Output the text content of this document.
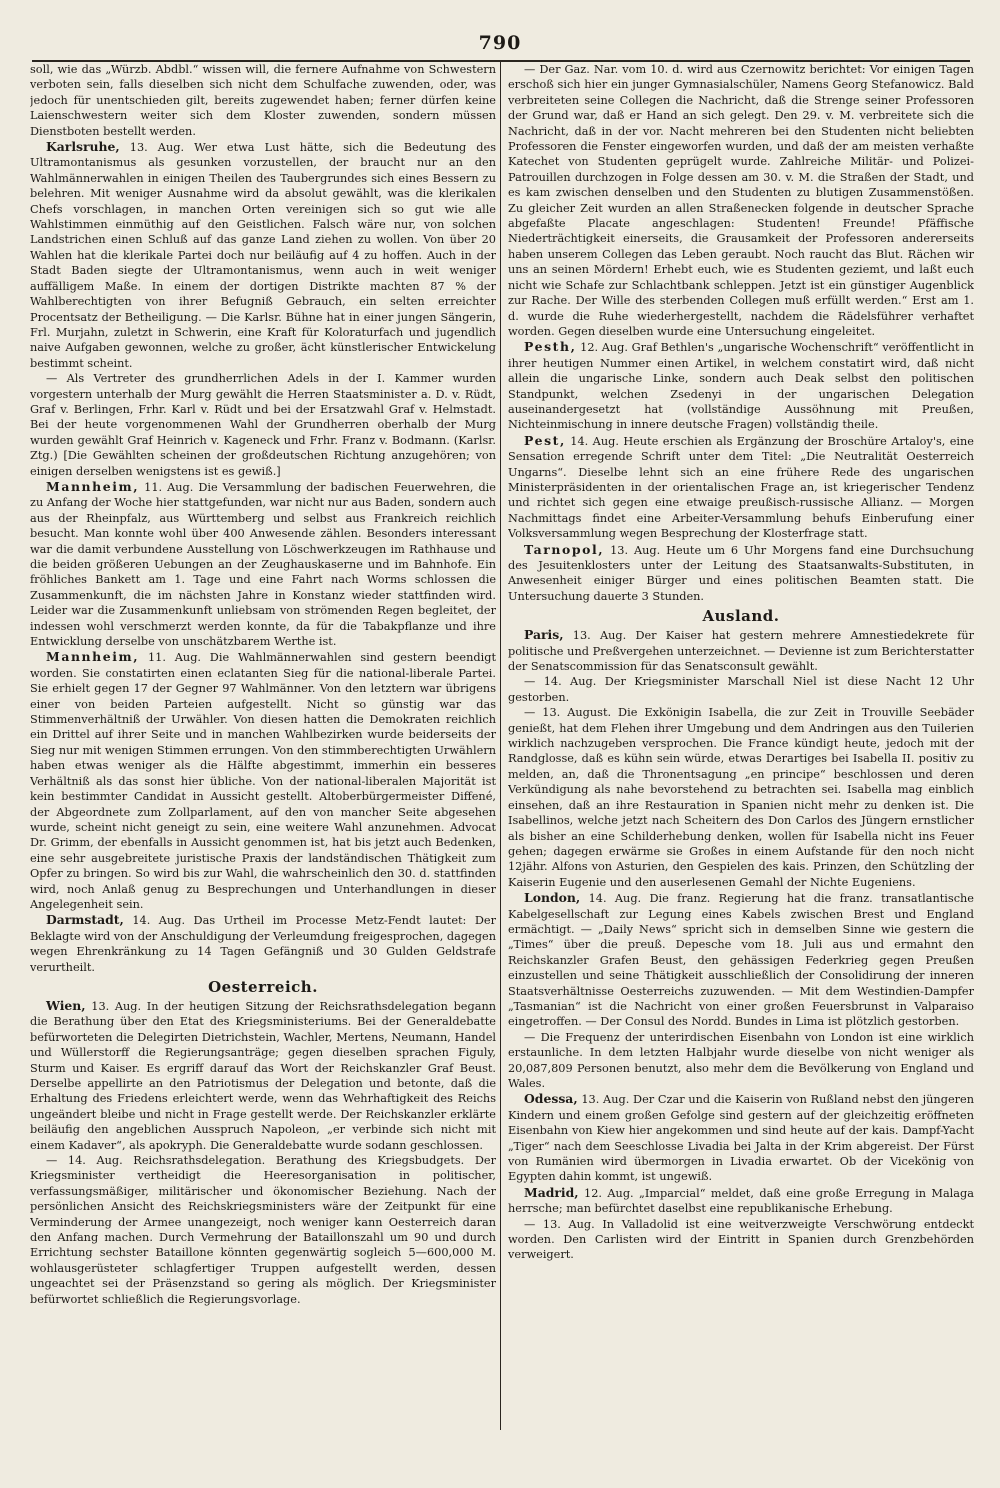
790

soll, wie das „Würzb. Abdbl.“ wissen will, die fernere Aufnahme von Schwestern verboten sein, falls dieselben sich nicht dem Schulfache zuwenden, oder, was jedoch für unentschieden gilt, bereits zugewendet haben; ferner dürfen keine Laienschwestern weiter sich dem Kloster zuwenden, sondern müssen Dienstboten bestellt werden.

Karlsruhe, 13. Aug. Wer etwa Lust hätte, sich die Bedeutung des Ultramontanismus als gesunken vorzustellen, der braucht nur an den Wahlmännerwahlen in einigen Theilen des Taubergrundes sich eines Bessern zu belehren. Mit weniger Ausnahme wird da absolut gewählt, was die klerikalen Chefs vorschlagen, in manchen Orten vereinigen sich so gut wie alle Wahlstimmen einmüthig auf den Geistlichen. Falsch wäre nur, von solchen Landstrichen einen Schluß auf das ganze Land ziehen zu wollen. Von über 20 Wahlen hat die klerikale Partei doch nur beiläufig auf 4 zu hoffen. Auch in der Stadt Baden siegte der Ultramontanismus, wenn auch in weit weniger auffälligem Maße. In einem der dortigen Distrikte machten 87 % der Wahlberechtigten von ihrer Befugniß Gebrauch, ein selten erreichter Procentsatz der Betheiligung. — Die Karlsr. Bühne hat in einer jungen Sängerin, Frl. Murjahn, zuletzt in Schwerin, eine Kraft für Koloraturfach und jugendlich naive Aufgaben gewonnen, welche zu großer, ächt künstlerischer Entwickelung bestimmt scheint.

— Als Vertreter des grundherrlichen Adels in der I. Kammer wurden vorgestern unterhalb der Murg gewählt die Herren Staatsminister a. D. v. Rüdt, Graf v. Berlingen, Frhr. Karl v. Rüdt und bei der Ersatzwahl Graf v. Helmstadt. Bei der heute vorgenommenen Wahl der Grundherren oberhalb der Murg wurden gewählt Graf Heinrich v. Kageneck und Frhr. Franz v. Bodmann. (Karlsr. Ztg.) [Die Gewählten scheinen der großdeutschen Richtung anzugehören; von einigen derselben wenigstens ist es gewiß.]

Mannheim, 11. Aug. Die Versammlung der badischen Feuerwehren, die zu Anfang der Woche hier stattgefunden, war nicht nur aus Baden, sondern auch aus der Rheinpfalz, aus Württemberg und selbst aus Frankreich reichlich besucht. Man konnte wohl über 400 Anwesende zählen. Besonders interessant war die damit verbundene Ausstellung von Löschwerkzeugen im Rathhause und die beiden größeren Uebungen an der Zeughauskaserne und im Bahnhofe. Ein fröhliches Bankett am 1. Tage und eine Fahrt nach Worms schlossen die Zusammenkunft, die im nächsten Jahre in Konstanz wieder stattfinden wird. Leider war die Zusammenkunft unliebsam von strömenden Regen begleitet, der indessen wohl verschmerzt werden konnte, da für die Tabakpflanze und ihre Entwicklung derselbe von unschätzbarem Werthe ist.

Mannheim, 11. Aug. Die Wahlmännerwahlen sind gestern beendigt worden. Sie constatirten einen eclatanten Sieg für die national-liberale Partei. Sie erhielt gegen 17 der Gegner 97 Wahlmänner. Von den letztern war übrigens einer von beiden Parteien aufgestellt. Nicht so günstig war das Stimmenverhältniß der Urwähler. Von diesen hatten die Demokraten reichlich ein Drittel auf ihrer Seite und in manchen Wahlbezirken wurde beiderseits der Sieg nur mit wenigen Stimmen errungen. Von den stimmberechtigten Urwählern haben etwas weniger als die Hälfte abgestimmt, immerhin ein besseres Verhältniß als das sonst hier übliche. Von der national-liberalen Majorität ist kein bestimmter Candidat in Aussicht gestellt. Altoberbürgermeister Diffené, der Abgeordnete zum Zollparlament, auf den von mancher Seite abgesehen wurde, scheint nicht geneigt zu sein, eine weitere Wahl anzunehmen. Advocat Dr. Grimm, der ebenfalls in Aussicht genommen ist, hat bis jetzt auch Bedenken, eine sehr ausgebreitete juristische Praxis der landständischen Thätigkeit zum Opfer zu bringen. So wird bis zur Wahl, die wahrscheinlich den 30. d. stattfinden wird, noch Anlaß genug zu Besprechungen und Unterhandlungen in dieser Angelegenheit sein.

Darmstadt, 14. Aug. Das Urtheil im Processe Metz-Fendt lautet: Der Beklagte wird von der Anschuldigung der Verleumdung freigesprochen, dagegen wegen Ehrenkränkung zu 14 Tagen Gefängniß und 30 Gulden Geldstrafe verurtheilt.

Oesterreich.

Wien, 13. Aug. In der heutigen Sitzung der Reichsrathsdelegation begann die Berathung über den Etat des Kriegsministeriums. Bei der Generaldebatte befürworteten die Delegirten Dietrichstein, Wachler, Mertens, Neumann, Handel und Wüllerstorff die Regierungsanträge; gegen dieselben sprachen Figuly, Sturm und Kaiser. Es ergriff darauf das Wort der Reichskanzler Graf Beust. Derselbe appellirte an den Patriotismus der Delegation und betonte, daß die Erhaltung des Friedens erleichtert werde, wenn das Wehrhaftigkeit des Reichs ungeändert bleibe und nicht in Frage gestellt werde. Der Reichskanzler erklärte beiläufig den angeblichen Ausspruch Napoleon, „er verbinde sich nicht mit einem Kadaver“, als apokryph. Die Generaldebatte wurde sodann geschlossen.

— 14. Aug. Reichsrathsdelegation. Berathung des Kriegsbudgets. Der Kriegsminister vertheidigt die Heeresorganisation in politischer, verfassungsmäßiger, militärischer und ökonomischer Beziehung. Nach der persönlichen Ansicht des Reichskriegsministers wäre der Zeitpunkt für eine Verminderung der Armee unangezeigt, noch weniger kann Oesterreich daran den Anfang machen. Durch Vermehrung der Bataillonszahl um 90 und durch Errichtung sechster Bataillone könnten gegenwärtig sogleich 5—600,000 M. wohlausgerüsteter schlagfertiger Truppen aufgestellt werden, dessen ungeachtet sei der Präsenzstand so gering als möglich. Der Kriegsminister befürwortet schließlich die Regierungsvorlage.

— Der Gaz. Nar. vom 10. d. wird aus Czernowitz berichtet: Vor einigen Tagen erschoß sich hier ein junger Gymnasialschüler, Namens Georg Stefanowicz. Bald verbreiteten seine Collegen die Nachricht, daß die Strenge seiner Professoren der Grund war, daß er Hand an sich gelegt. Den 29. v. M. verbreitete sich die Nachricht, daß in der vor. Nacht mehreren bei den Studenten nicht beliebten Professoren die Fenster eingeworfen wurden, und daß der am meisten verhaßte Katechet von Studenten geprügelt wurde. Zahlreiche Militär- und Polizei-Patrouillen durchzogen in Folge dessen am 30. v. M. die Straßen der Stadt, und es kam zwischen denselben und den Studenten zu blutigen Zusammenstößen. Zu gleicher Zeit wurden an allen Straßenecken folgende in deutscher Sprache abgefaßte Placate angeschlagen: Studenten! Freunde! Pfäffische Niederträchtigkeit einerseits, die Grausamkeit der Professoren andererseits haben unserem Collegen das Leben geraubt. Noch raucht das Blut. Rächen wir uns an seinen Mördern! Erhebt euch, wie es Studenten geziemt, und laßt euch nicht wie Schafe zur Schlachtbank schleppen. Jetzt ist ein günstiger Augenblick zur Rache. Der Wille des sterbenden Collegen muß erfüllt werden.“ Erst am 1. d. wurde die Ruhe wiederhergestellt, nachdem die Rädelsführer verhaftet worden. Gegen dieselben wurde eine Untersuchung eingeleitet.

Pesth, 12. Aug. Graf Bethlen's „ungarische Wochenschrift“ veröffentlicht in ihrer heutigen Nummer einen Artikel, in welchem constatirt wird, daß nicht allein die ungarische Linke, sondern auch Deak selbst den politischen Standpunkt, welchen Zsedenyi in der ungarischen Delegation auseinandergesetzt hat (vollständige Aussöhnung mit Preußen, Nichteinmischung in innere deutsche Fragen) vollständig theile.

Pest, 14. Aug. Heute erschien als Ergänzung der Broschüre Artaloy's, eine Sensation erregende Schrift unter dem Titel: „Die Neutralität Oesterreich Ungarns“. Dieselbe lehnt sich an eine frühere Rede des ungarischen Ministerpräsidenten in der orientalischen Frage an, ist kriegerischer Tendenz und richtet sich gegen eine etwaige preußisch-russische Allianz. — Morgen Nachmittags findet eine Arbeiter-Versammlung behufs Einberufung einer Volksversammlung wegen Besprechung der Klosterfrage statt.

Tarnopol, 13. Aug. Heute um 6 Uhr Morgens fand eine Durchsuchung des Jesuitenklosters unter der Leitung des Staatsanwalts-Substituten, in Anwesenheit einiger Bürger und eines politischen Beamten statt. Die Untersuchung dauerte 3 Stunden.

Ausland.

Paris, 13. Aug. Der Kaiser hat gestern mehrere Amnestiedekrete für politische und Preßvergehen unterzeichnet. — Devienne ist zum Berichterstatter der Senatscommission für das Senatsconsult gewählt.

— 14. Aug. Der Kriegsminister Marschall Niel ist diese Nacht 12 Uhr gestorben.

— 13. August. Die Exkönigin Isabella, die zur Zeit in Trouville Seebäder genießt, hat dem Flehen ihrer Umgebung und dem Andringen aus den Tuilerien wirklich nachzugeben versprochen. Die France kündigt heute, jedoch mit der Randglosse, daß es kühn sein würde, etwas Derartiges bei Isabella II. positiv zu melden, an, daß die Thronentsagung „en principe“ beschlossen und deren Verkündigung als nahe bevorstehend zu betrachten sei. Isabella mag einblich einsehen, daß an ihre Restauration in Spanien nicht mehr zu denken ist. Die Isabellinos, welche jetzt nach Scheitern des Don Carlos des Jüngern ernstlicher als bisher an eine Schilderhebung denken, wollen für Isabella nicht ins Feuer gehen; dagegen erwärme sie Großes in einem Aufstande für den noch nicht 12jähr. Alfons von Asturien, den Gespielen des kais. Prinzen, den Schützling der Kaiserin Eugenie und den auserlesenen Gemahl der Nichte Eugeniens.

London, 14. Aug. Die franz. Regierung hat die franz. transatlantische Kabelgesellschaft zur Legung eines Kabels zwischen Brest und England ermächtigt. — „Daily News“ spricht sich in demselben Sinne wie gestern die „Times“ über die preuß. Depesche vom 18. Juli aus und ermahnt den Reichskanzler Grafen Beust, den gehässigen Federkrieg gegen Preußen einzustellen und seine Thätigkeit ausschließlich der Consolidirung der inneren Staatsverhältnisse Oesterreichs zuzuwenden. — Mit dem Westindien-Dampfer „Tasmanian“ ist die Nachricht von einer großen Feuersbrunst in Valparaiso eingetroffen. — Der Consul des Nordd. Bundes in Lima ist plötzlich gestorben.

— Die Frequenz der unterirdischen Eisenbahn von London ist eine wirklich erstaunliche. In dem letzten Halbjahr wurde dieselbe von nicht weniger als 20,087,809 Personen benutzt, also mehr dem die Bevölkerung von England und Wales.

Odessa, 13. Aug. Der Czar und die Kaiserin von Rußland nebst den jüngeren Kindern und einem großen Gefolge sind gestern auf der gleichzeitig eröffneten Eisenbahn von Kiew hier angekommen und sind heute auf der kais. Dampf-Yacht „Tiger“ nach dem Seeschlosse Livadia bei Jalta in der Krim abgereist. Der Fürst von Rumänien wird übermorgen in Livadia erwartet. Ob der Vicekönig von Egypten dahin kommt, ist ungewiß.

Madrid, 12. Aug. „Imparcial“ meldet, daß eine große Erregung in Malaga herrsche; man befürchtet daselbst eine republikanische Erhebung.

— 13. Aug. In Valladolid ist eine weitverzweigte Verschwörung entdeckt worden. Den Carlisten wird der Eintritt in Spanien durch Grenzbehörden verweigert.
